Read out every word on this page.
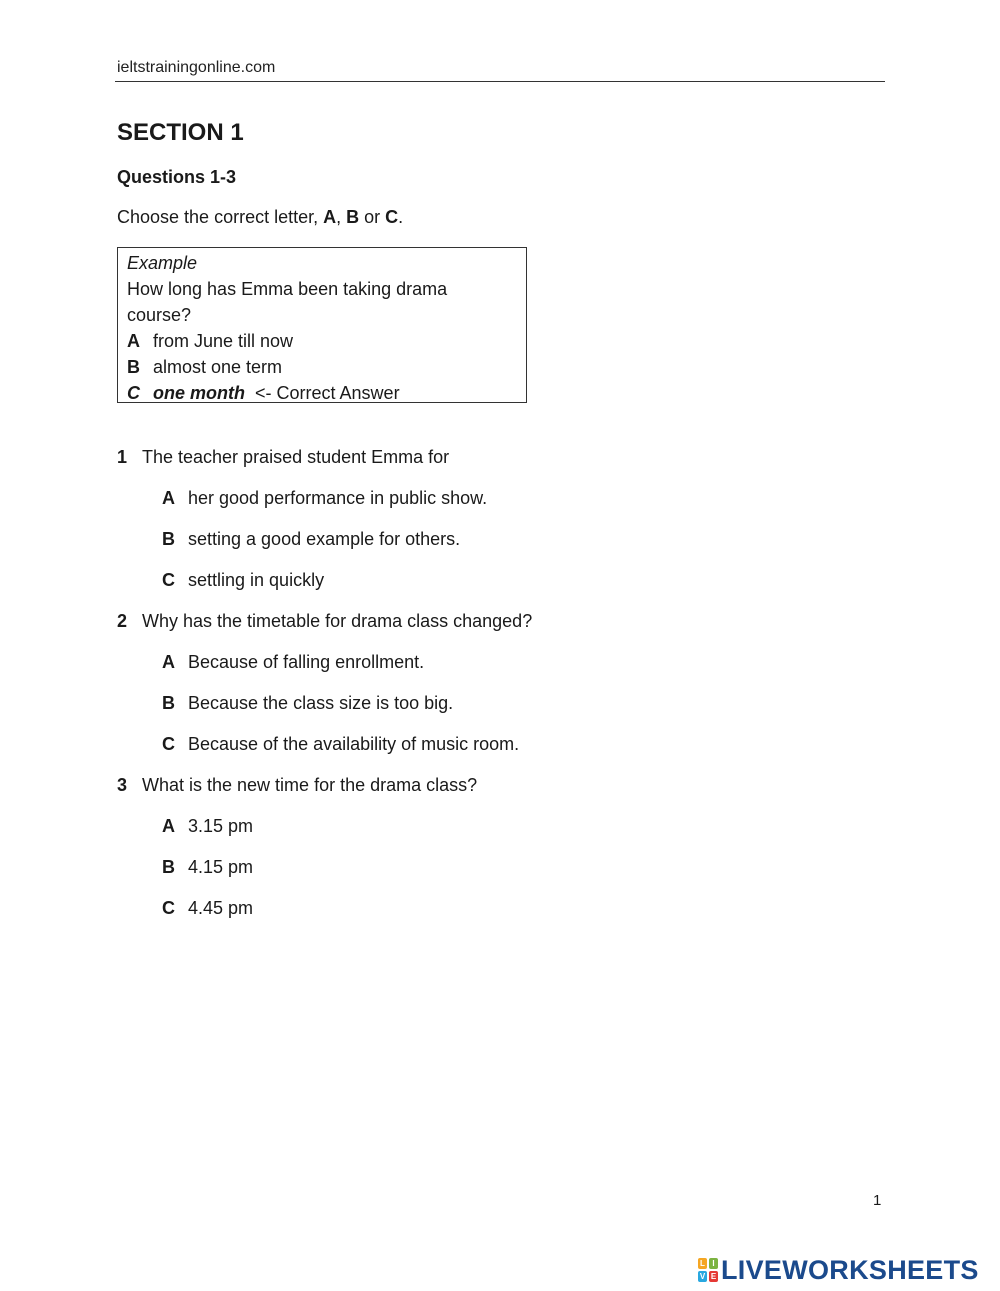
ieltstrainingonline.com
SECTION 1
Questions 1-3
Choose the correct letter, A, B or C.
Example
How long has Emma been taking drama
course?
A from June till now
B almost one term
C one month <- Correct Answer
1 The teacher praised student Emma for
A her good performance in public show.
B setting a good example for others.
C settling in quickly
2 Why has the timetable for drama class changed?
A Because of falling enrollment.
B Because the class size is too big.
C Because of the availability of music room.
3 What is the new time for the drama class?
A 3.15 pm
B 4.15 pm
C 4.45 pm
1
L I
V E LIVEWORKSHEETS
